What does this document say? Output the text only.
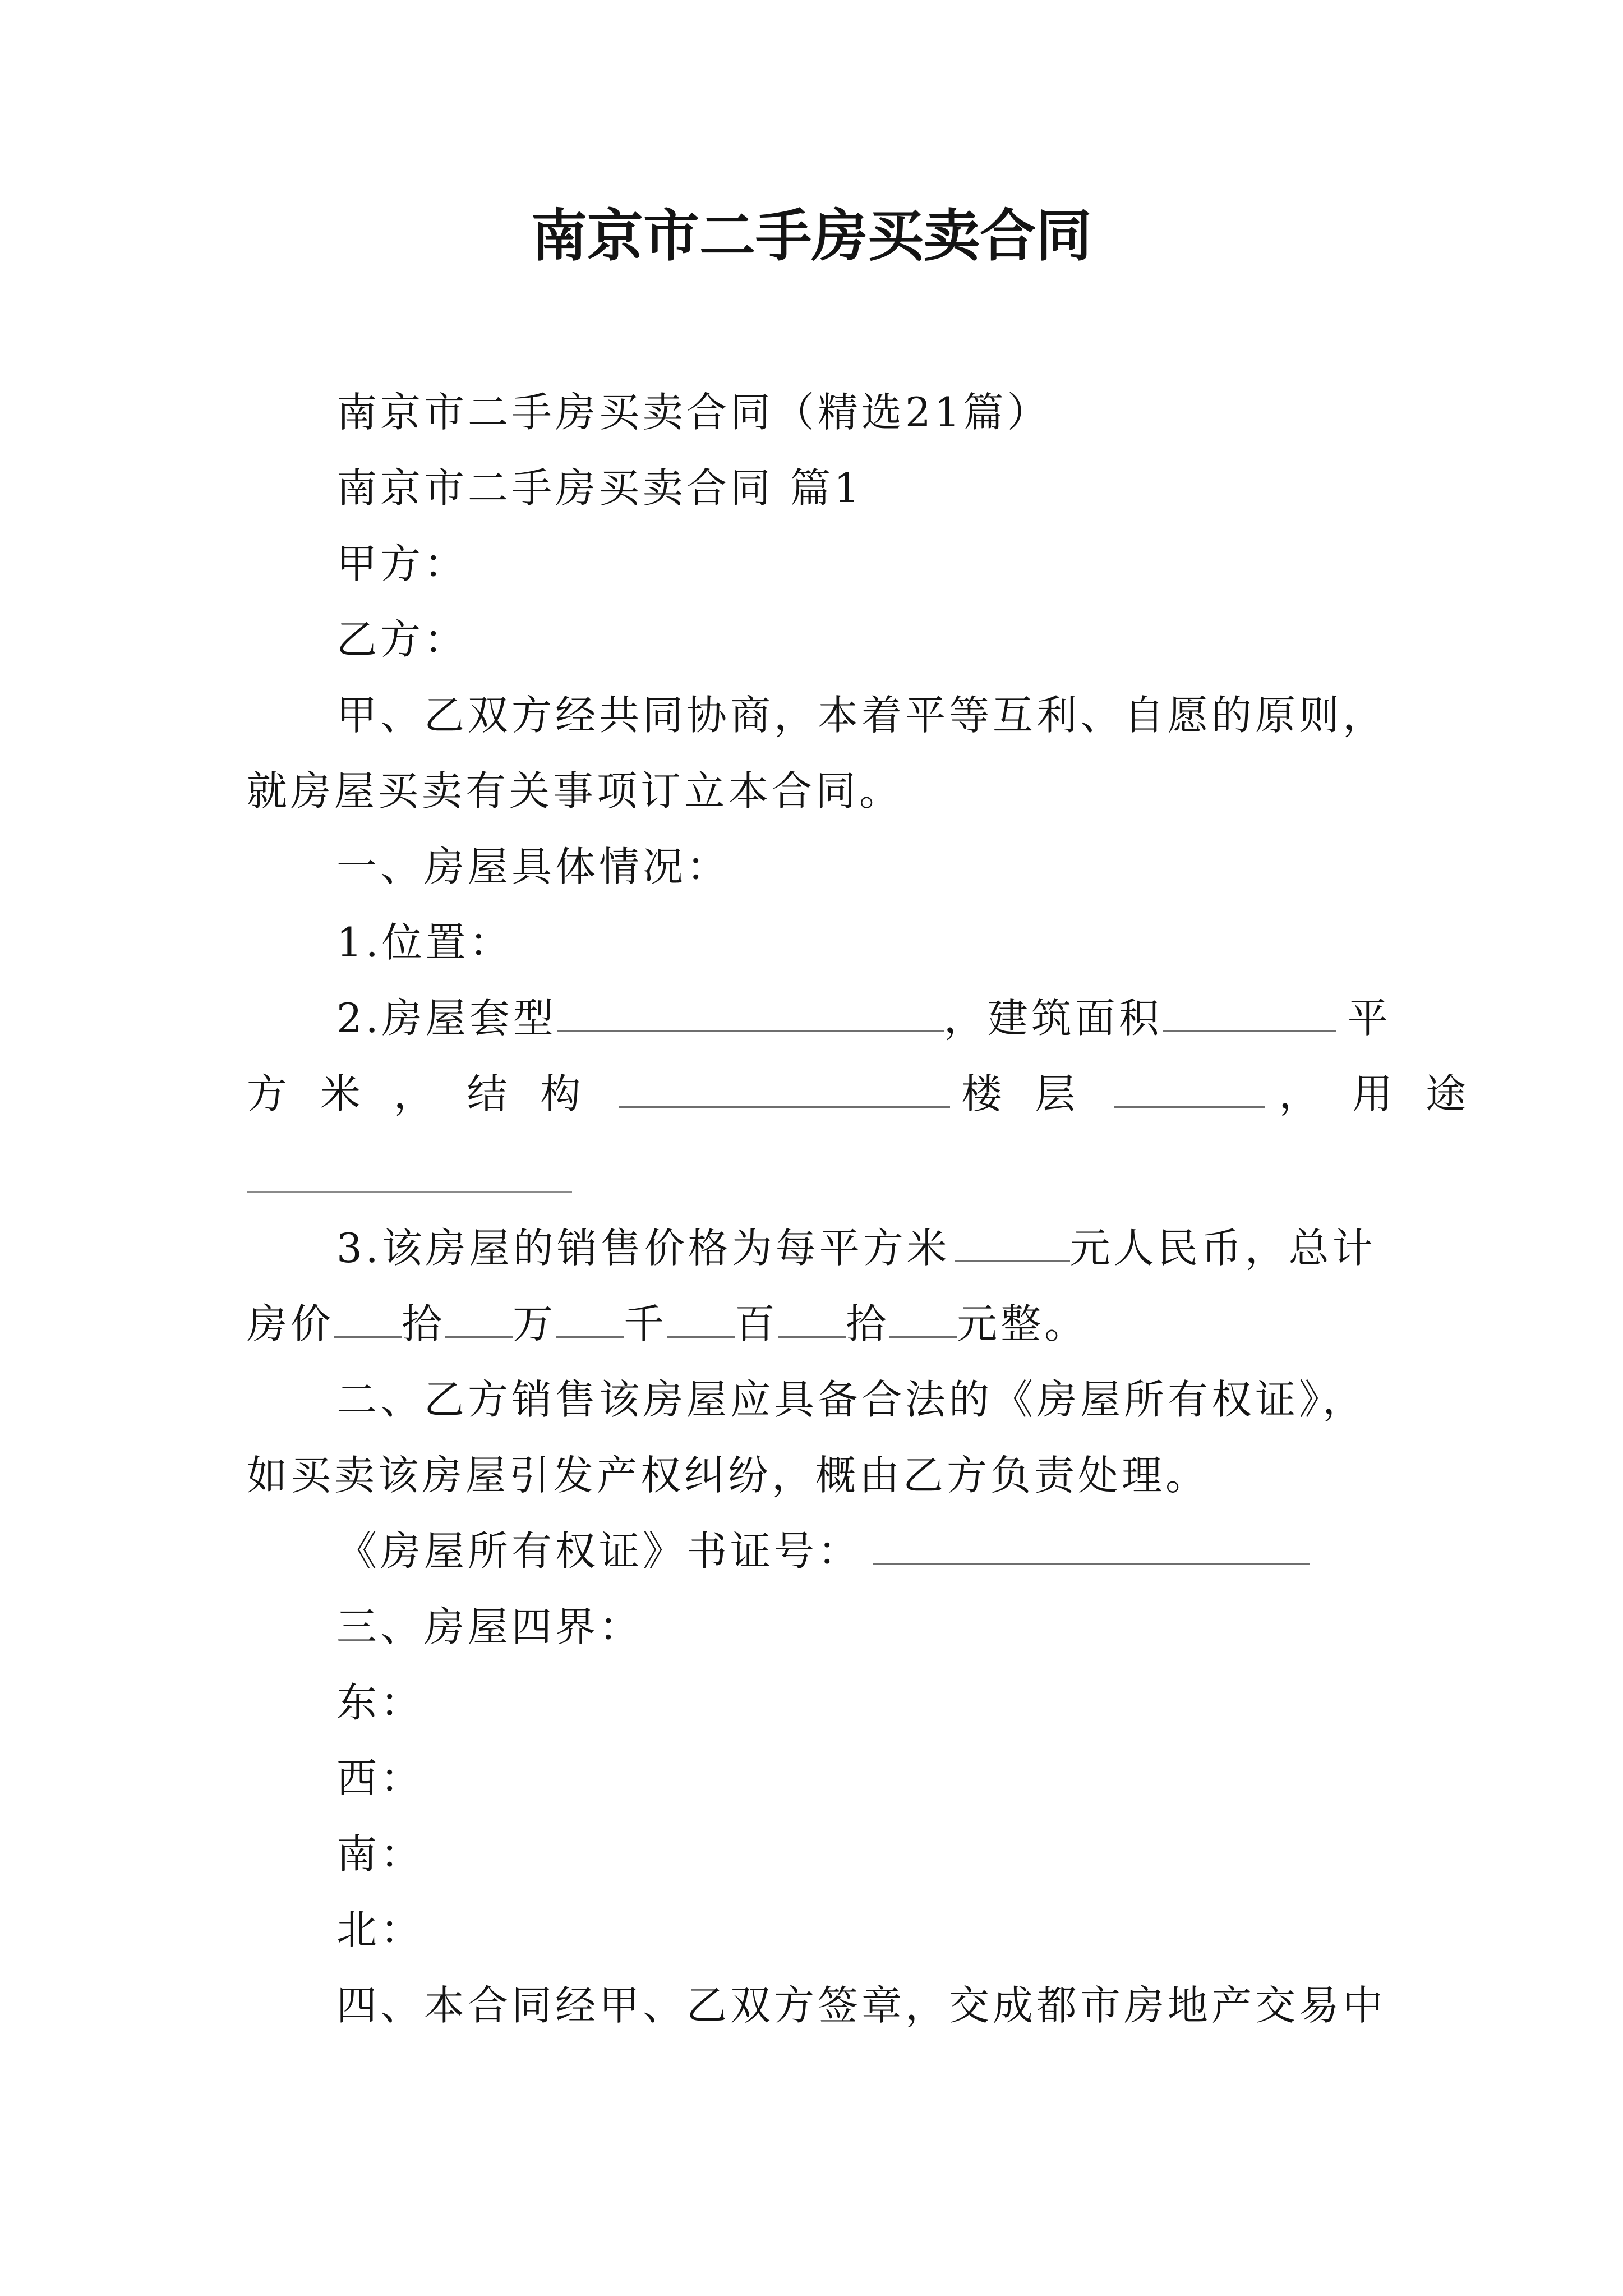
南京市二手房买卖合同
南京市二手房买卖合同（精选21篇）
南京市二手房买卖合同 篇1
甲方：
乙方：
甲、乙双方经共同协商，本着平等互利、自愿的原则，
就房屋买卖有关事项订立本合同。
一、房屋具体情况：
1.位置：
2.房屋套型	，建筑面积	平
方 米 ， 结 构	楼 层	， 用 途
3.该房屋的销售价格为每平方米	元人民币，总计
房价 拾 万 千 百 拾 元整。
二、乙方销售该房屋应具备合法的《房屋所有权证》，
如买卖该房屋引发产权纠纷，概由乙方负责处理。
《房屋所有权证》书证号：
三、房屋四界：
东：
西：
南：
北：
四、本合同经甲、乙双方签章，交成都市房地产交易中
